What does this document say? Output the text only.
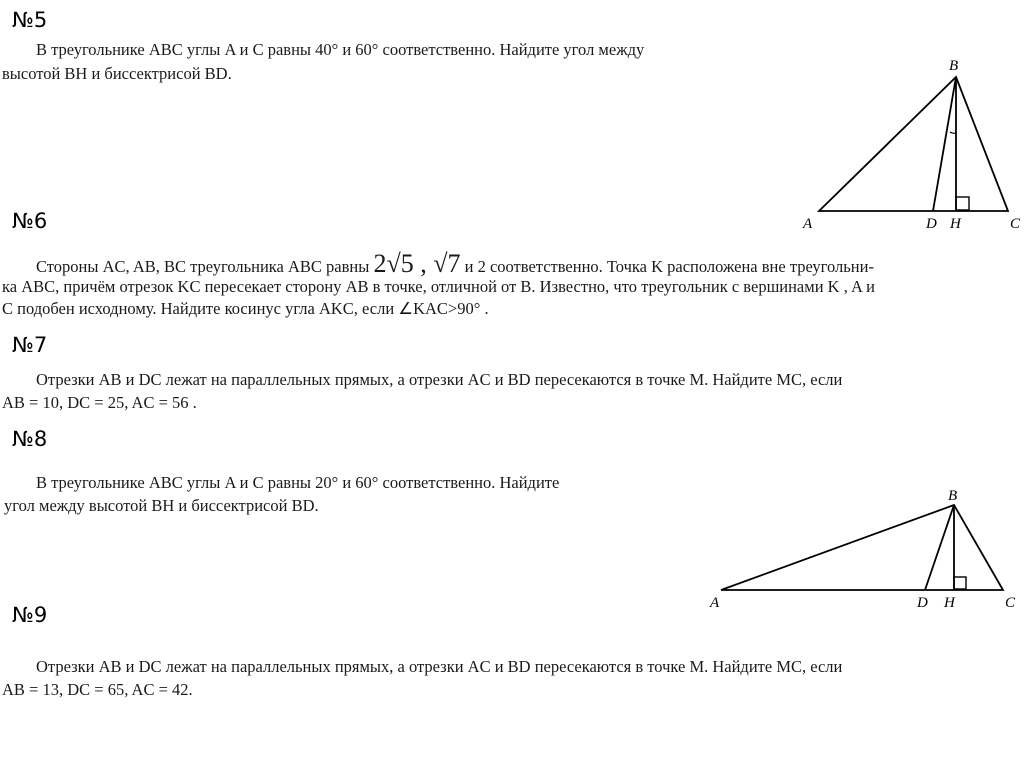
№5
В треугольнике ABC углы A и C равны 40° и 60° соответственно. Найдите угол между
высотой BH и биссектрисой BD.
№6
Стороны AC, AB, BC треугольника ABC равны 2√5 , √7 и 2 соответственно. Точка K расположена вне треугольни-
ка ABC, причём отрезок KC пересекает сторону AB в точке, отличной от B. Известно, что треугольник с вершинами K , A и
C подобен исходному. Найдите косинус угла AKC, если ∠KAC>90° .
№7
Отрезки AB и DC лежат на параллельных прямых, а отрезки AC и BD пересекаются в точке M. Найдите MC, если
AB = 10, DC = 25, AC = 56 .
№8
В треугольнике ABC углы A и C равны 20° и 60° соответственно. Найдите
угол между высотой BH и биссектрисой BD.
№9
Отрезки AB и DC лежат на параллельных прямых, а отрезки AC и BD пересекаются в точке M. Найдите MC, если
AB = 13, DC = 65, AC = 42.
B
A	D H	C
B
A	D H	C
